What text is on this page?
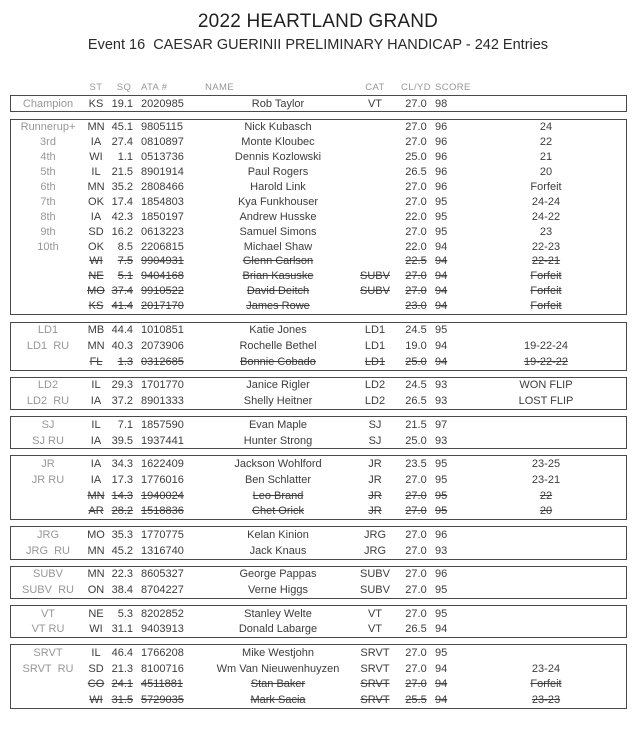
2022 HEARTLAND GRAND
Event 16  CAESAR GUERINII PRELIMINARY HANDICAP - 242 Entries
ST	SQ	ATA #	NAME	CAT	CL/YD SCORE
Champion	KS 19.1 2020985	Rob Taylor	VT	27.0 98
Runnerup+	MN 45.1 9805115	Nick Kubasch	27.0 96	24
3rd	IA 27.4 0810897	Monte Kloubec	27.0 96	22
4th	WI	1.1 0513736	Dennis Kozlowski	25.0 96	21
5th	IL 21.5 8901914	Paul Rogers	26.5 96	20
6th	MN 35.2 2808466	Harold Link	27.0 96	Forfeit
7th	OK 17.4 1854803	Kya Funkhouser	27.0 95	24-24
8th	IA 42.3 1850197	Andrew Husske	22.0 95	24-22
9th	SD 16.2 0613223	Samuel Simons	27.0 95	23
10th	OK	8.5 2206815	Michael Shaw	22.0 94	22-23
WI	7.5 9904931	Glenn Carlson	22.5 94	22-21
NE	5.1 9404168	Brian Kasuske	SUBV	27.0 94	Forfeit
MO 37.4 9910522	David Deitch	SUBV	27.0 94	Forfeit
KS 41.4 2017170	James Rowe	23.0 94	Forfeit
LD1	MB 44.4 1010851	Katie Jones	LD1	24.5 95
LD1  RU	MN 40.3 2073906	Rochelle Bethel	LD1	19.0 94	19-22-24
FL	1.3 0312685	Bonnie Cobado	LD1	25.0 94	19-22-22
LD2	IL 29.3 1701770	Janice Rigler	LD2	24.5 93	WON FLIP
LD2  RU	IA 37.2 8901333	Shelly Heitner	LD2	26.5 93	LOST FLIP
SJ	IL	7.1 1857590	Evan Maple	SJ	21.5 97
SJ RU	IA 39.5 1937441	Hunter Strong	SJ	25.0 93
JR	IA 34.3 1622409	Jackson Wohlford	JR	23.5 95	23-25
JR RU	IA 17.3 1776016	Ben Schlatter	JR	27.0 95	23-21
MN 14.3 1940024	Leo Brand	JR	27.0 95	22
AR 28.2 1518836	Chet Orick	JR	27.0 95	20
JRG	MO 35.3 1770775	Kelan Kinion	JRG	27.0 96
JRG  RU	MN 45.2 1316740	Jack Knaus	JRG	27.0 93
SUBV	MN 22.3 8605327	George Pappas	SUBV	27.0 96
SUBV  RU	ON 38.4 8704227	Verne Higgs	SUBV	27.0 95
VT	NE	5.3 8202852	Stanley Welte	VT	27.0 95
VT RU	WI 31.1 9403913	Donald Labarge	VT	26.5 94
SRVT	IL 46.4 1766208	Mike Westjohn	SRVT	27.0 95
SRVT  RU	SD 21.3 8100716	Wm Van Nieuwenhuyzen	SRVT	27.0 94	23-24
CO 24.1 4511881	Stan Baker	SRVT	27.0 94	Forfeit
WI 31.5 5729035	Mark Sacia	SRVT	25.5 94	23-23
